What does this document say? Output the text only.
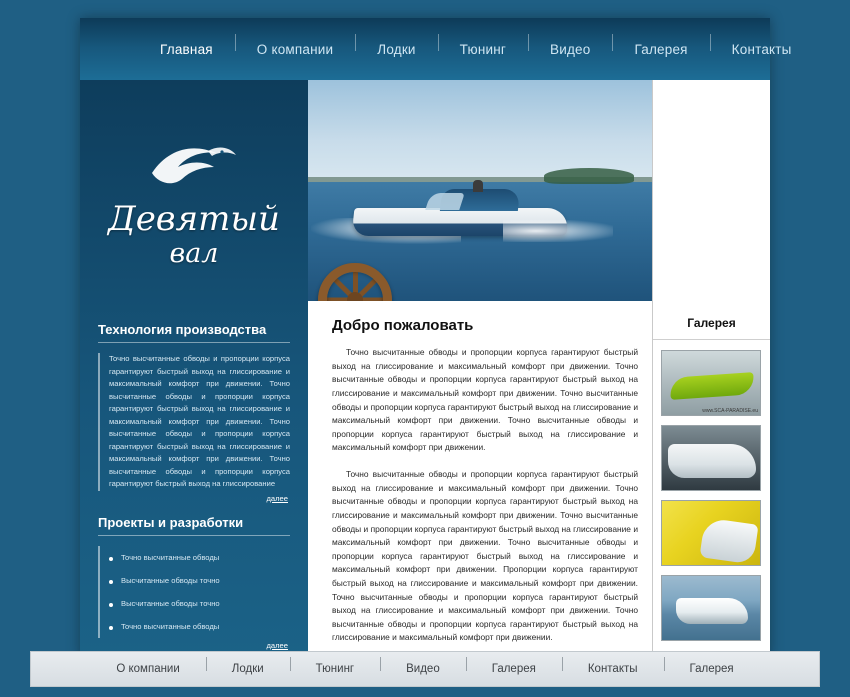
Главная	О компании	Лодки	Тюнинг	Видео	Галерея	Контакты
Девятый
вал
Технология производства
Точно высчитанные обводы и пропорции корпуса гарантируют быстрый выход на глиссирование и максимальный комфорт при движении. Точно высчитанные обводы и пропорции корпуса гарантируют быстрый выход на глиссирование и максимальный комфорт при движении. Точно высчитанные обводы и пропорции корпуса гарантируют быстрый выход на глиссирование и максимальный комфорт при движении. Точно высчитанные обводы и пропорции корпуса гарантируют быстрый выход на глиссирование
далее
Проекты и разработки
Точно высчитанные обводы
Высчитанные обводы точно
Высчитанные обводы точно
Точно высчитанные обводы
далее
Добро пожаловать

Точно высчитанные обводы и пропорции корпуса гарантируют быстрый выход на глиссирование и максимальный комфорт при движении. Точно высчитанные обводы и пропорции корпуса гарантируют быстрый выход на глиссирование и максимальный комфорт при движении. Точно высчитанные обводы и пропорции корпуса гарантируют быстрый выход на глиссирование и максимальный комфорт при движении. Точно высчитанные обводы и пропорции корпуса гарантируют быстрый выход на глиссирование и максимальный комфорт при движении.

Точно высчитанные обводы и пропорции корпуса гарантируют быстрый выход на глиссирование и максимальный комфорт при движении. Точно высчитанные обводы и пропорции корпуса гарантируют быстрый выход на глиссирование и максимальный комфорт при движении. Точно высчитанные обводы и пропорции корпуса гарантируют быстрый выход на глиссирование и максимальный комфорт при движении. Точно высчитанные обводы и пропорции корпуса гарантируют быстрый выход на глиссирование и максимальный комфорт при движении. Пропорции корпуса гарантируют быстрый выход на глиссирование и максимальный комфорт при движении. Точно высчитанные обводы и пропорции корпуса гарантируют быстрый выход на глиссирование и максимальный комфорт при движении. Точно высчитанные обводы и пропорции корпуса гарантируют быстрый выход на глиссирование и максимальный комфорт при движении.

Галерея
www.SCA-PARADISE.eu
О компании	Лодки	Тюнинг	Видео	Галерея	Контакты	Галерея
